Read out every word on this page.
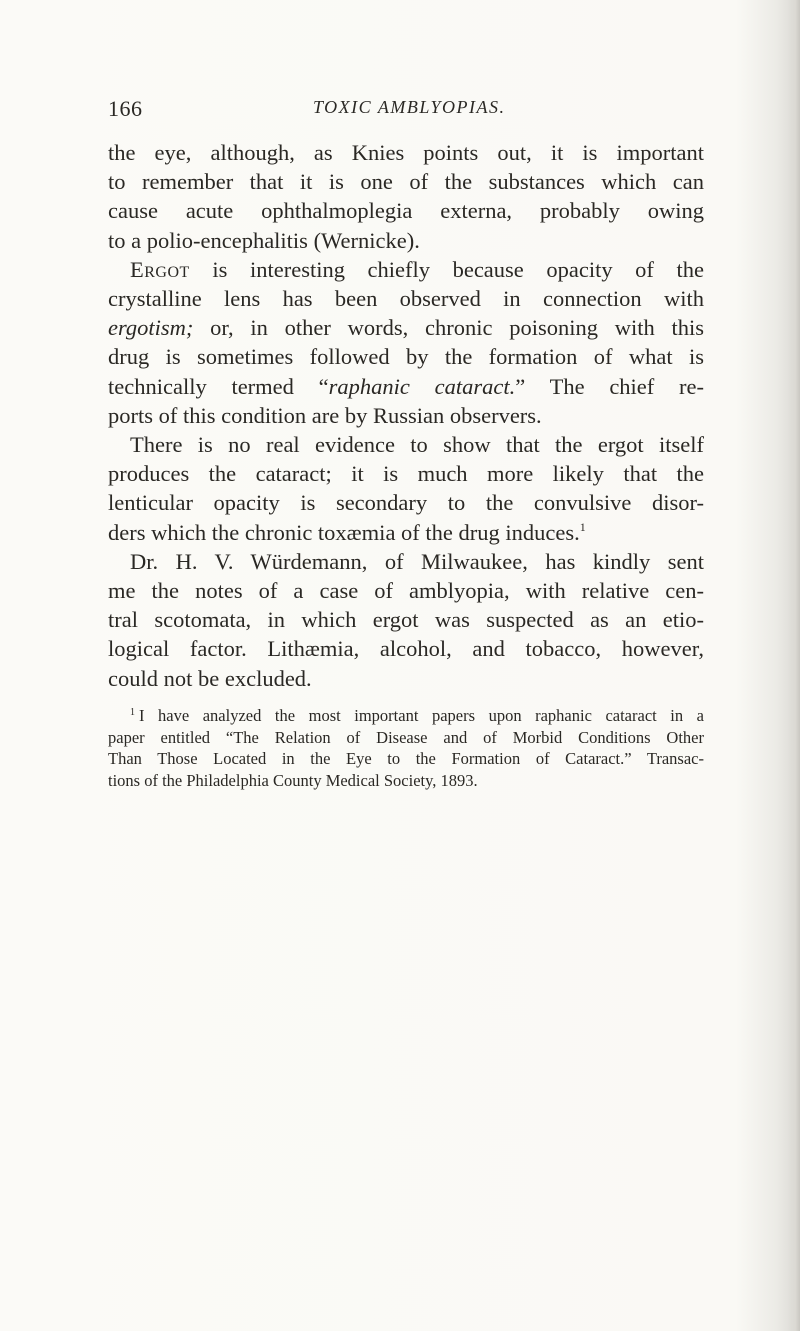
166	TOXIC AMBLYOPIAS.
the eye, although, as Knies points out, it is important
to remember that it is one of the substances which can
cause acute ophthalmoplegia externa, probably owing
to a polio-encephalitis (Wernicke).
Ergot is interesting chiefly because opacity of the
crystalline lens has been observed in connection with
ergotism; or, in other words, chronic poisoning with this
drug is sometimes followed by the formation of what is
technically termed “raphanic cataract.” The chief re-
ports of this condition are by Russian observers.
There is no real evidence to show that the ergot itself
produces the cataract; it is much more likely that the
lenticular opacity is secondary to the convulsive disor-
ders which the chronic toxæmia of the drug induces.$^1$
Dr. H. V. Würdemann, of Milwaukee, has kindly sent
me the notes of a case of amblyopia, with relative cen-
tral scotomata, in which ergot was suspected as an etio-
logical factor. Lithæmia, alcohol, and tobacco, however,
could not be excluded.
$^1$ I have analyzed the most important papers upon raphanic cataract in a
paper entitled “The Relation of Disease and of Morbid Conditions Other
Than Those Located in the Eye to the Formation of Cataract.” Transac-
tions of the Philadelphia County Medical Society, 1893.
